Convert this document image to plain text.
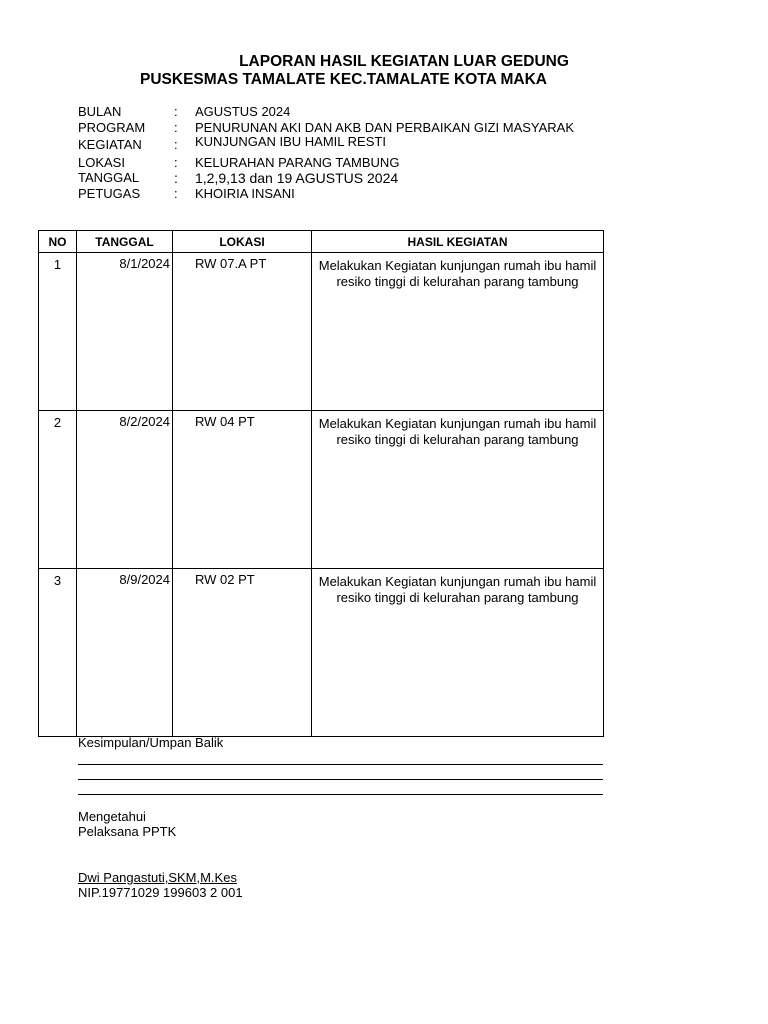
LAPORAN HASIL KEGIATAN LUAR GEDUNG
PUSKESMAS TAMALATE KEC.TAMALATE KOTA MAKA
BULAN	: AGUSTUS 2024
PROGRAM : PENURUNAN AKI DAN AKB DAN PERBAIKAN GIZI MASYARAK
KEGIATAN : KUNJUNGAN IBU HAMIL RESTI
LOKASI	: KELURAHAN PARANG TAMBUNG
TANGGAL : 1,2,9,13 dan 19 AGUSTUS 2024
PETUGAS	: KHOIRIA INSANI
NO	TANGGAL	LOKASI	HASIL KEGIATAN
1	8/1/2024	RW 07.A PT	Melakukan Kegiatan kunjungan rumah ibu hamil resiko tinggi di kelurahan parang tambung
2	8/2/2024	RW 04 PT	Melakukan Kegiatan kunjungan rumah ibu hamil resiko tinggi di kelurahan parang tambung
3	8/9/2024	RW 02 PT	Melakukan Kegiatan kunjungan rumah ibu hamil resiko tinggi di kelurahan parang tambung
Kesimpulan/Umpan Balik
Mengetahui
Pelaksana PPTK
Dwi Pangastuti,SKM,M.Kes
NIP.19771029 199603 2 001
